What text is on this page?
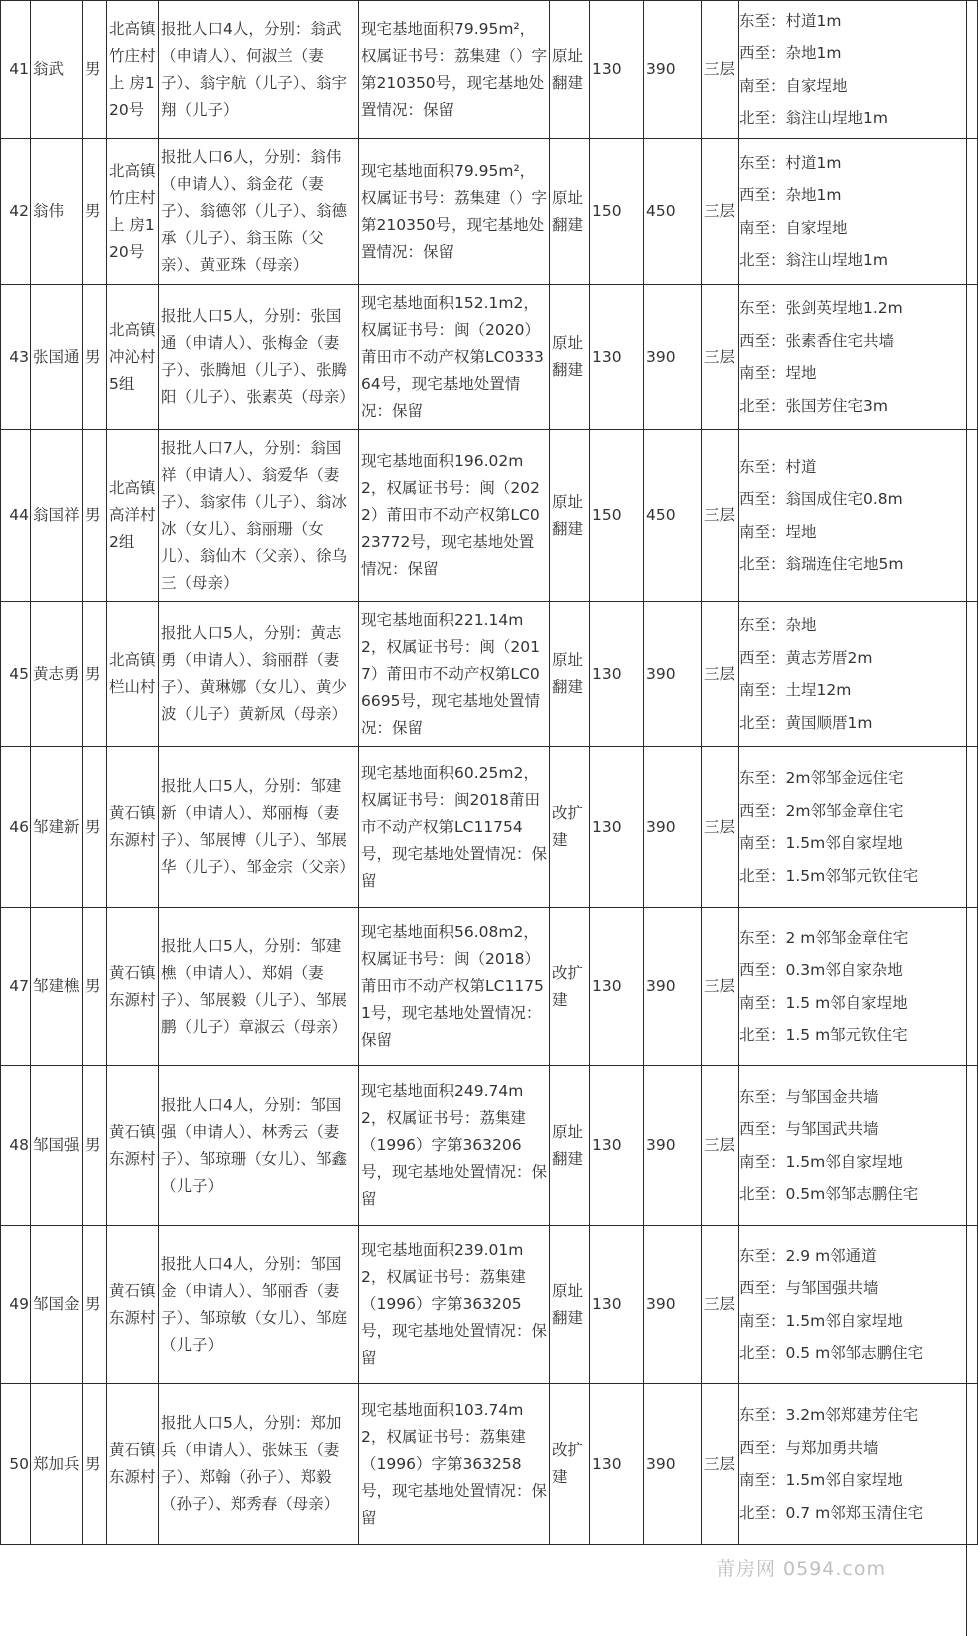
41	翁武	男	北高镇竹庄村上 房120号	报批人口4人，分别：翁武（申请人）、何淑兰（妻子）、翁宇航（儿子）、翁宇翔（儿子）	现宅基地面积79.95m²，权属证书号：荔集建（）字第210350号，现宅基地处置情况：保留	原址翻建	130	390	三层	东至：村道1m
西至：杂地1m
南至：自家埕地
北至：翁注山埕地1m

42	翁伟	男	北高镇竹庄村上 房120号	报批人口6人，分别：翁伟（申请人）、翁金花（妻子）、翁德邻（儿子）、翁德承（儿子）、翁玉陈（父亲）、黄亚珠（母亲）	现宅基地面积79.95m²，权属证书号：荔集建（）字第210350号，现宅基地处置情况：保留	原址翻建	150	450	三层	东至：村道1m
西至：杂地1m
南至：自家埕地
北至：翁注山埕地1m

43	张国通	男	北高镇冲沁村5组	报批人口5人，分别：张国通（申请人）、张梅金（妻子）、张腾旭（儿子）、张腾阳（儿子）、张素英（母亲）	现宅基地面积152.1m2，权属证书号：闽（2020）莆田市不动产权第LC033364号，现宅基地处置情况：保留	原址翻建	130	390	三层	东至：张剑英埕地1.2m
西至：张素香住宅共墙
南至：埕地
北至：张国芳住宅3m

44	翁国祥	男	北高镇高洋村2组	报批人口7人，分别：翁国祥（申请人）、翁爱华（妻子）、翁家伟（儿子）、翁冰冰（女儿）、翁丽珊（女儿）、翁仙木（父亲）、徐乌三（母亲）	现宅基地面积196.02m2，权属证书号：闽（2022）莆田市不动产权第LC023772号，现宅基地处置情况：保留	原址翻建	150	450	三层	东至：村道
西至：翁国成住宅0.8m
南至：埕地
北至：翁瑞连住宅地5m

45	黄志勇	男	北高镇栏山村	报批人口5人，分别：黄志勇（申请人）、翁丽群（妻子）、黄琳娜（女儿）、黄少波（儿子）黄新凤（母亲）	现宅基地面积221.14m2，权属证书号：闽（2017）莆田市不动产权第LC06695号，现宅基地处置情况：保留	原址翻建	130	390	三层	东至：杂地
西至：黄志芳厝2m
南至：土埕12m
北至：黄国顺厝1m

46	邹建新	男	黄石镇东源村	报批人口5人，分别：邹建新（申请人）、郑丽梅（妻子）、邹展博（儿子）、邹展华（儿子）、邹金宗（父亲）	现宅基地面积60.25m2，权属证书号：闽2018莆田市不动产权第LC11754号，现宅基地处置情况：保留	改扩建	130	390	三层	东至：2m邻邹金远住宅
西至：2m邻邹金章住宅
南至：1.5m邻自家埕地
北至：1.5m邻邹元钦住宅

47	邹建樵	男	黄石镇东源村	报批人口5人，分别：邹建樵（申请人）、郑娟（妻子）、邹展毅（儿子）、邹展鹏（儿子）章淑云（母亲）	现宅基地面积56.08m2，权属证书号：闽（2018）莆田市不动产权第LC11751号，现宅基地处置情况：保留	改扩建	130	390	三层	东至：2 m邻邹金章住宅
西至：0.3m邻自家杂地
南至：1.5 m邻自家埕地
北至：1.5 m邹元钦住宅

48	邹国强	男	黄石镇东源村	报批人口4人，分别：邹国强（申请人）、林秀云（妻子）、邹琼珊（女儿）、邹鑫（儿子）	现宅基地面积249.74m2，权属证书号：荔集建（1996）字第363206号，现宅基地处置情况：保留	原址翻建	130	390	三层	东至：与邹国金共墙
西至：与邹国武共墙
南至：1.5m邻自家埕地
北至：0.5m邻邹志鹏住宅

49	邹国金	男	黄石镇东源村	报批人口4人，分别：邹国金（申请人）、邹丽香（妻子）、邹琼敏（女儿）、邹庭（儿子）	现宅基地面积239.01m2，权属证书号：荔集建（1996）字第363205号，现宅基地处置情况：保留	原址翻建	130	390	三层	东至：2.9 m邻通道
西至：与邹国强共墙
南至：1.5m邻自家埕地
北至：0.5 m邻邹志鹏住宅

50	郑加兵	男	黄石镇东源村	报批人口5人，分别：郑加兵（申请人）、张妹玉（妻子）、郑翰（孙子）、郑毅（孙子）、郑秀春（母亲）	现宅基地面积103.74m2，权属证书号：荔集建（1996）字第363258号，现宅基地处置情况：保留	改扩建	130	390	三层	东至：3.2m邻郑建芳住宅
西至：与郑加勇共墙
南至：1.5m邻自家埕地
北至：0.7 m邻郑玉清住宅
莆房网 0594.com
